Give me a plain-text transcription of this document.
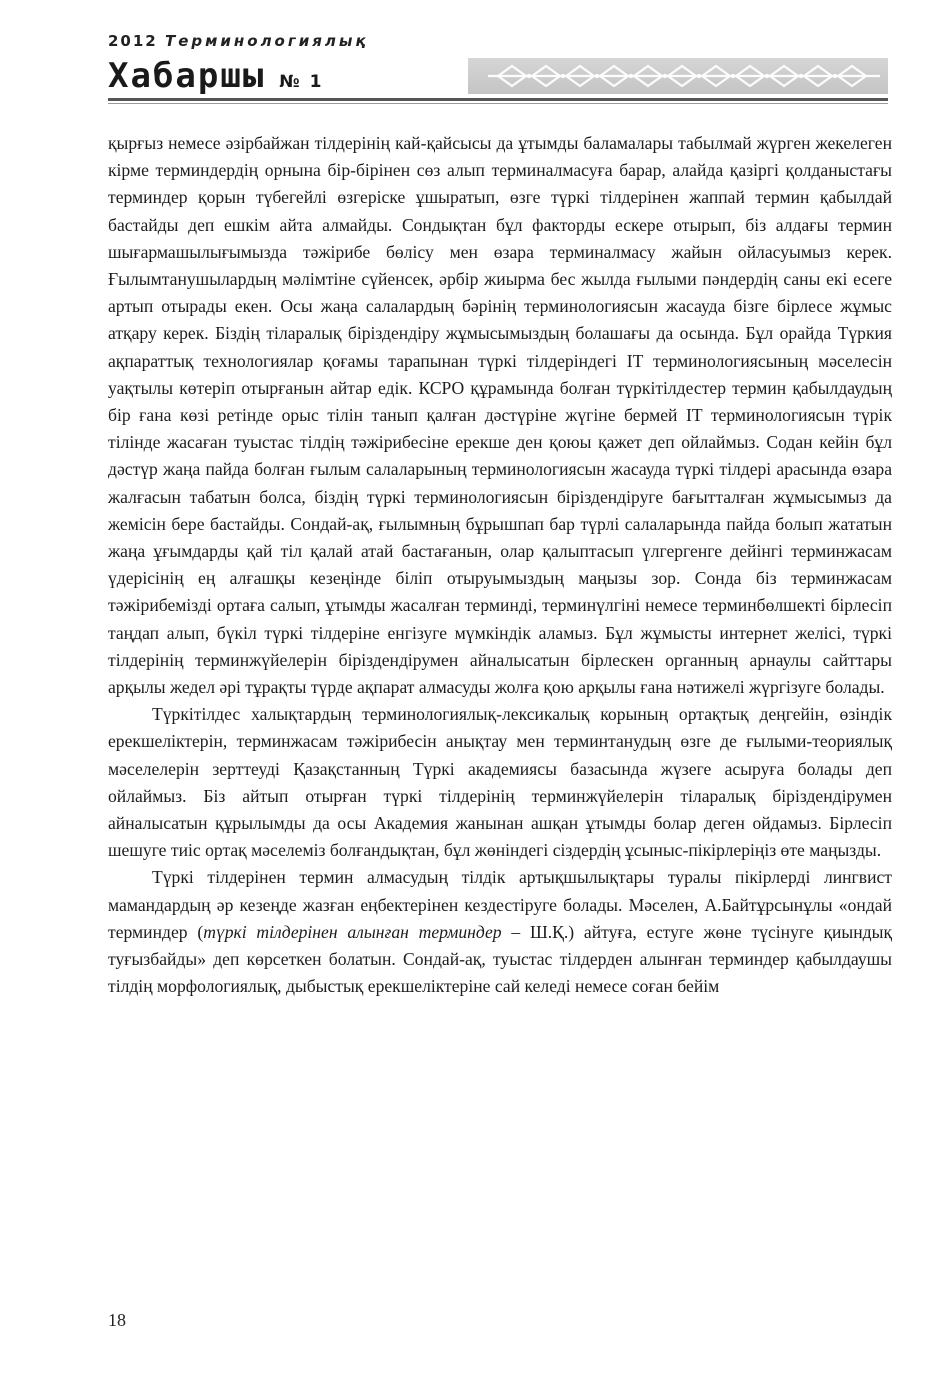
2012 Терминологиялық
Хабаршы № 1

қырғыз немесе әзірбайжан тілдерінің кай-қайсысы да ұтымды баламалары табылмай жүрген жекелеген кірме терминдердің орнына бір-бірінен сөз алып терминалмасуға барар, алайда қазіргі қолданыстағы терминдер қорын түбегейлі өзгеріске ұшыратып, өзге түркі тілдерінен жаппай термин қабылдай бастайды деп ешкім айта алмайды. Сондықтан бұл факторды ескере отырып, біз алдағы термин шығармашылығымызда тәжірибе бөлісу мен өзара терминалмасу жайын ойласуымыз керек. Ғылымтанушылардың мәлімтіне сүйенсек, әрбір жиырма бес жылда ғылыми пәндердің саны екі есеге артып отырады екен. Осы жаңа салалардың бәрінің терминологиясын жасауда бізге бірлесе жұмыс атқару керек. Біздің тіларалық біріздендіру жұмысымыздың болашағы да осында. Бұл орайда Түркия ақпараттық технологиялар қоғамы тарапынан түркі тілдеріндегі IT терминологиясының мәселесін уақтылы көтеріп отырғанын айтар едік. КСРО құрамында болған түркітілдестер термин қабылдаудың бір ғана көзі ретінде орыс тілін танып қалған дәстүріне жүгіне бермей IT терминологиясын түрік тілінде жасаған туыстас тілдің тәжірибесіне ерекше ден қоюы қажет деп ойлаймыз. Содан кейін бұл дәстүр жаңа пайда болған ғылым салаларының терминологиясын жасауда түркі тілдері арасында өзара жалғасын табатын болса, біздің түркі терминологиясын біріздендіруге бағытталған жұмысымыз да жемісін бере бастайды. Сондай-ақ, ғылымның бұрышпап бар түрлі салаларында пайда болып жататын жаңа ұғымдарды қай тіл қалай атай бастағанын, олар қалыптасып үлгергенге дейінгі терминжасам үдерісінің ең алғашқы кезеңінде біліп отыруымыздың маңызы зор. Сонда біз терминжасам тәжірибемізді ортаға салып, ұтымды жасалған терминді, терминүлгіні немесе терминбөлшекті бірлесіп таңдап алып, бүкіл түркі тілдеріне енгізуге мүмкіндік аламыз. Бұл жұмысты интернет желісі, түркі тілдерінің терминжүйелерін біріздендірумен айналысатын бірлескен органның арнаулы сайттары арқылы жедел әрі тұрақты түрде ақпарат алмасуды жолға қою арқылы ғана нәтижелі жүргізуге болады.

Түркітілдес халықтардың терминологиялық-лексикалық корының ортақтық деңгейін, өзіндік ерекшеліктерін, терминжасам тәжірибесін анықтау мен терминтанудың өзге де ғылыми-теориялық мәселелерін зерттеуді Қазақстанның Түркі академиясы базасында жүзеге асыруға болады деп ойлаймыз. Біз айтып отырған түркі тілдерінің терминжүйелерін тіларалық біріздендірумен айналысатын құрылымды да осы Академия жанынан ашқан ұтымды болар деген ойдамыз. Бірлесіп шешуге тиіс ортақ мәселеміз болғандықтан, бұл жөніндегі сіздердің ұсыныс-пікірлеріңіз өте маңызды.

Түркі тілдерінен термин алмасудың тілдік артықшылықтары туралы пікірлерді лингвист мамандардың әр кезеңде жазған еңбектерінен кездестіруге болады. Мәселен, А.Байтұрсынұлы «ондай терминдер (түркі тілдерінен алынған терминдер – Ш.Қ.) айтуға, естуге жөне түсінуге қиындық туғызбайды» деп көрсеткен болатын. Сондай-ақ, туыстас тілдерден алынған терминдер қабылдаушы тілдің морфологиялық, дыбыстық ерекшеліктеріне сай келеді немесе соған бейім

18
